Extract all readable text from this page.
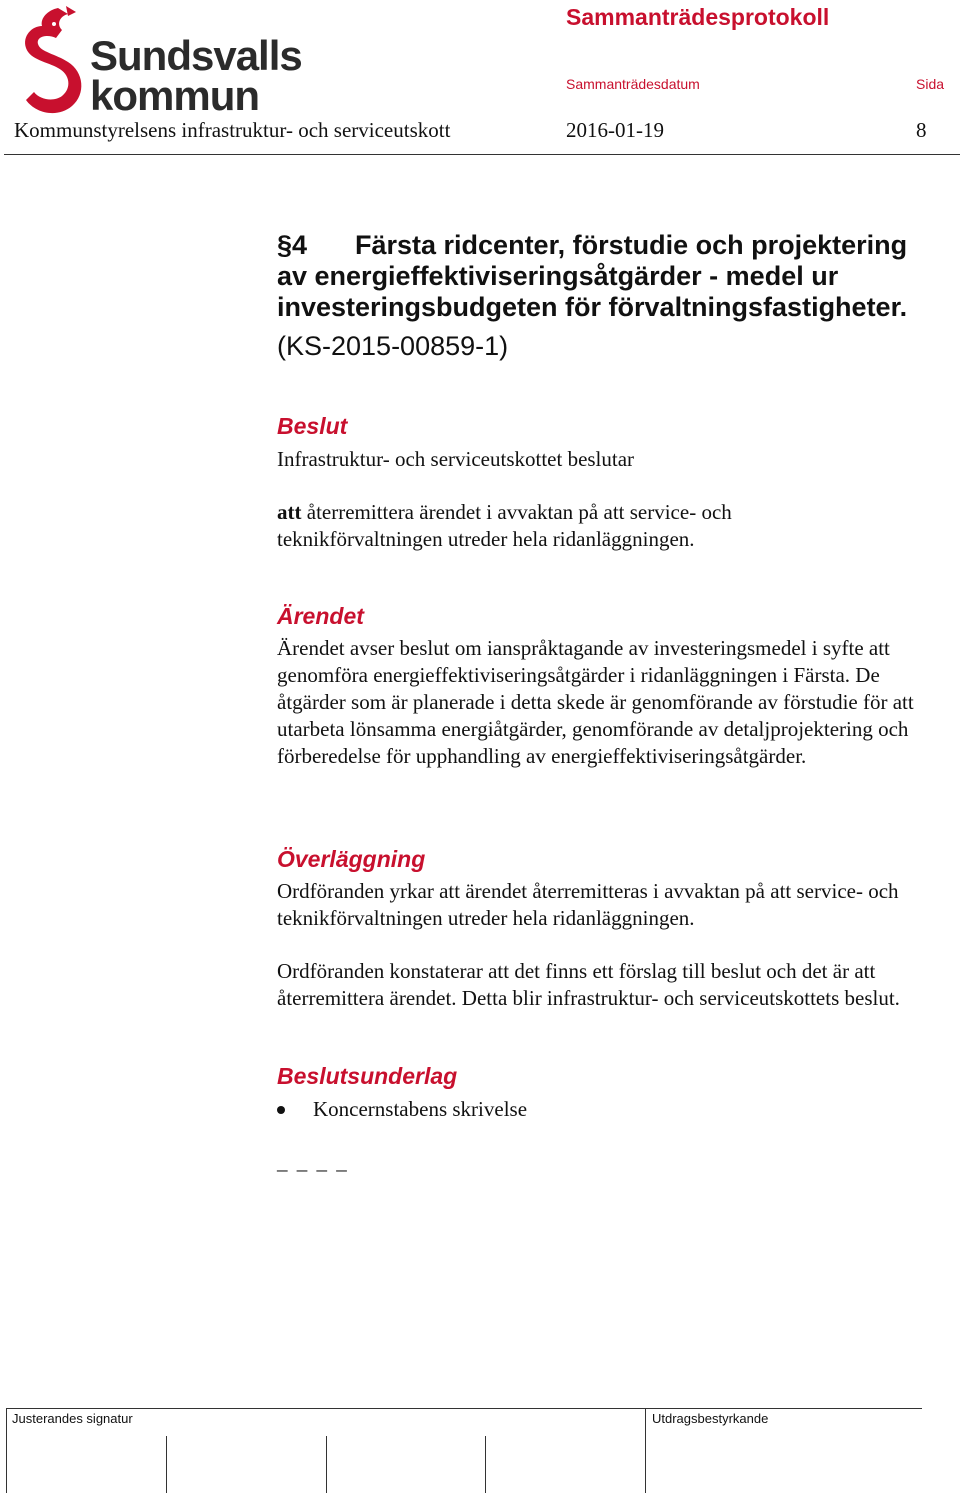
Sundsvalls
kommun
Sammanträdesprotokoll
Sammanträdesdatum	Sida
Kommunstyrelsens infrastruktur- och serviceutskott	2016-01-19	8
§4 Färsta ridcenter, förstudie och projektering
av energieffektiviseringsåtgärder - medel ur
investeringsbudgeten för förvaltningsfastigheter.
(KS-2015-00859-1)
Beslut
Infrastruktur- och serviceutskottet beslutar
att återremittera ärendet i avvaktan på att service- och teknikförvaltningen utreder hela ridanläggningen.
Ärendet
Ärendet avser beslut om ianspråktagande av investeringsmedel i syfte att genomföra energieffektiviseringsåtgärder i ridanläggningen i Färsta. De åtgärder som är planerade i detta skede är genomförande av förstudie för att utarbeta lönsamma energiåtgärder, genomförande av detaljprojektering och förberedelse för upphandling av energieffektiviseringsåtgärder.
Överläggning
Ordföranden yrkar att ärendet återremitteras i avvaktan på att service- och teknikförvaltningen utreder hela ridanläggningen.
Ordföranden konstaterar att det finns ett förslag till beslut och det är att återremittera ärendet. Detta blir infrastruktur- och serviceutskottets beslut.
Beslutsunderlag
Koncernstabens skrivelse
_ _ _ _
Justerandes signatur	Utdragsbestyrkande
